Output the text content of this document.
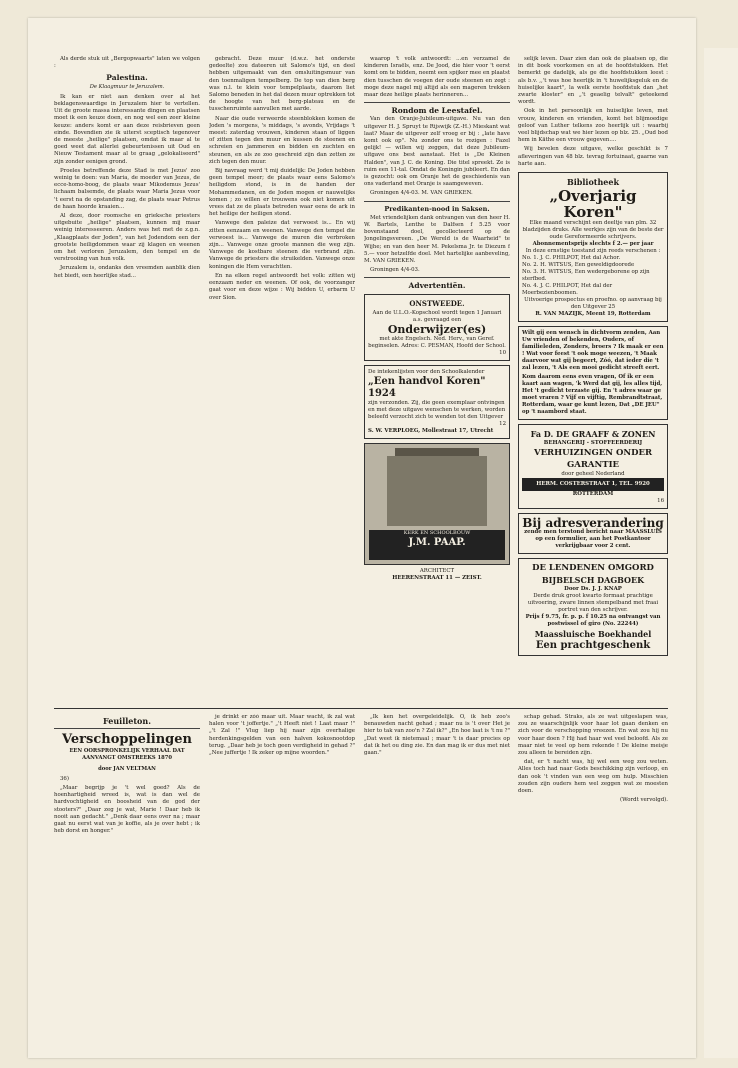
Als derde stuk uit „Bergopwaarts" laten we volgen :

Palestina.
De Klaagmuur te Jeruzalem.

Ik kan er niet aan denken over al het beklagenswaardige in Jeruzalem hier te vertellen. Uit de groote massa interessante dingen en plaatsen moet ik een keuze doen, en nog wel een zeer kleine keuze: anders komt er aan deze reisbrieven geen einde. Bovendien zie ik uiterst sceptisch tegenover de meeste „heilige" plaatsen, omdat ik maar al te goed weet dat allerlei gebeurtenissen uit Oud en Nieuw Testament maar al te graag „gelokaliseerd" zijn zonder eenigen grond.

Proeles betreffende deze Stad is met Jezus' zoo weinig te doen: van Maria, de moeder van Jezus, de ecce-homo-boog, de plaats waar Mikodemus Jezus' lichaam balsemde, de plaats waar Maria Jezus voor 't eerst na de opstanding zag, de plaats waar Petrus de haan hoorde kraaien...

Al deze, door roomsche en grieksche priesters uitgebuite „heilige" plaatsen, kunnen mij maar weinig interesseeren. Anders was het met de z.g.n. „Klaagplaats der Joden", van het Jodendom een der grootste heiligdommen waar zij klagen en weenen om het verloren Jeruzalem, den tempel en de verstrooiing van hun volk.

Jeruzalem is, ondanks den vreemden aanblik dien het biedt, een heerlijke stad...

gebracht. Deze muur (d.w.z. het onderste gedeelte) zou dateeren uit Salomo's tijd, en deel hebben uitgemaakt van den omsluitingsmuur van den toenmaligen tempelberg. De top van dien berg was n.l. te klein voor tempelplaats, daarom liet Salomo beneden in het dal dezen muur optrekken tot de hoogte van het berg-plateau en de tusschenruimte aanvullen met aarde.

Naar die oude verweerde steenblokken komen de Joden 's morgens, 's middags, 's avonds, Vrijdags 't meest: zaterdag vrouwen, kinderen staan of liggen of zitten tegen den muur en kussen de steenen en schreien en jammeren en bidden en zuchten en steunen, en als ze zoo geschreid zijn dan zetten ze zich tegen den muur.

Bij navraag werd 't mij duidelijk: De Joden hebben geen tempel meer; de plaats waar eens Salomo's heiligdom stond, is in de handen der Mohammedanen, en de Joden mogen er nauwelijks komen ; zo willen er trouwens ook niet komen uit vrees dat ze de plaats betreden waar eens de ark in het heilige der heiligen stond.

Vanwege den paleize dat verwoest is... En wij zitten eenzaam en weenen. Vanwege den tempel die verwoest is... Vanwege de muren die verbroken zijn... Vanwege onze groote mannen die weg zijn. Vanwege de kostbare steenen die verbrand zijn. Vanwege de priesters die struikelden. Vanwege onze koningen die Hem verachtten.

En na elken regel antwoordt het volk: zitten wij eenzaam neder en weenen. Of ook, de voorzanger gaat voor en deze wijze : Wij bidden U, erbarm U over Sion.

waarop 't volk antwoordt: ...en verzamel de kinderen Israëls, enz. De Jood, die hier voor 't eerst komt om te bidden, neemt een spijker mee en plaatst dien tusschen de voegen der oude steenen en zegt : moge deze nagel mij altijd als een mageren trekken maar deze heilige plaats herinneren...

Rondom de Leestafel.

Van den Oranje-Jubileum-uitgave. Nu van den uitgever H. J. Spruyt te Rijswijk (Z.-H.) Mieskant wat laat? Maar de uitgever zelf vroeg er bij : „late have komt ook op". Nu zonder ons te rozigen : Fazel gelijk! — willen wij zeggen, dat deze Jubileum-uitgave ons best aanstaat. Het is „De Kleinen Halden", van J. C. de Koning. Die titel spreekt. Ze is ruim een 11-tal. Omdat de Koningin jubileert. En dan is gezocht: ook om Oranje het de geschiedenis van ons vaderland met Oranje is saamgeweven.

Groningen 4/4-03. M. VAN GRIEKEN.

Predikanten-nood in Saksen.

Met vriendelijken dank ontvangen van den heer H. W. Bartels, Lenthe te Dalfsen f 5.25 voor bovenstaand doel, gecollecteerd op de Jongelingsvereen. „De Wereld is de Waarheid" te Wijhe; en van den heer M. Pekelsma Jr. te Diezum f 5.— voor hetzelfde doel. Met hartelijke aanbeveling, M. VAN GRIEKEN.

Groningen 4/4-03.

Advertentiën.
ONSTWEEDE.
Aan de U.L.O.-Kopschool wordt tegen 1 Januari a.s. gevraagd een
Onderwijzer(es)
met akte Engelsch. Ned. Herv., van Geref. beginselen. Adres: C. PESMAN, Hoofd der School.
10
De intekenlijsten voor den Schoolkalender
„Een handvol Koren" 1924
zijn verzonden. Zij, die geen exemplaar ontvingen en met deze uitgave wenschen te werken, worden beleefd verzocht zich te wenden tot den Uitgever
12
S. W. VERPLOEG, Mollestraat 17, Utrecht
KERK EN SCHOOLBOUW
J.M. PAAP.
ARCHITECT
HEERENSTRAAT 11 — ZEIST.

selijk leven. Daar zien dan ook de plaatsen op, die in dit boek voorkomen en at de hoofdstukken. Het bemerkt ge dadelijk, als ge die hoofdstukken leest : als b.v. ,,'t was hoe heerlijk in 't huwelijksgeluk en de huiselijke kaart", la welk eerste hoofdstuk dan „het zwarte kloster" en „'t geaelig telvalt" geteekend wordt.

Ook in het persoonlijk en huiselijke leven, met vrouw, kinderen en vrienden, komt het blijmoedige geloof van Luther telkens zoo heerlijk uit : waarbij veel blijdschap wat we hier lezen op blz. 25. „Oud bod hem in Käthe een vrouw gegeven....

Wij bevelen deze uitgave, welke geschikt is 7 afleveringen van 48 blz. tevrag fortuinaat, gaarne van harte aan.

Bibliotheek
„Overjarig Koren"
Elke maand verschijnt een deeltje van plm. 32 bladzijden druks. Alle werkjes zijn van de beste der oude Gereformeerde schrijvers.
Abonnementsprijs slechts f 2.— per jaar
In deze ernstige toestand zijn reeds verschenen :
No. 1. J. C. PHILPOT, Het dal Achor.
No. 2. H. WITSUS, Een geweldigdoorede
No. 3. H. WITSUS, Een wedergeborene op zijn sterfbed.
No. 4. J. C. PHILPOT, Het dal der Moerbezienboomen.
Uitvoerige prospectus en proefno. op aanvraag bij den Uitgever 25
R. VAN MAZIJK, Meent 19, Rotterdam
Wilt gij een wensch in dichtvorm zenden, Aan Uw vrienden of bekenden, Ouders, of familieleden, Zonders, broers ? Ik maak er een ! Wat voor feest 't ook moge weezen, 't Maak daarvoor wat gij begeert, Zóó, dat ieder die 't zal lezen, 't Als een mooi gedicht streeft eert.
Kom daarom eens even vragen, Of ik er een kaart aan wagen, 'k Werd dat gij, les alles tijd, Het 't gedicht terzaste gij. En 't adres waar ge moet vraren ? Vijf en vijftig, Rembrandtstraat, Rotterdam, waar ge kunt lezen, Dat „DE JEU" op 't naambord staat.
Fa D. DE GRAAFF & ZONEN
BEHANGERIJ - STOFFEERDERIJ
VERHUIZINGEN ONDER GARANTIE
door geheel Nederland
HERM. COSTERSTRAAT 1, TEL. 9920
ROTTERDAM
16
Bij adresverandering
zende men terstond bericht naar MAASSLUIS op een formulier, aan het Postkantoor verkrijgbaar voor 2 cent.
DE LENDENEN OMGORD
BIJBELSCH DAGBOEK
Door Ds. J. J. KNAP
Derde druk groot kwarto formaat prachtige uitvoering, zware linnen stempelband met fraai portret van den schrijver.
Prijs f 9.75, fr. p. p. f 10.25 na ontvangst van postwissel of giro (No. 22244)
Maassluische Boekhandel
Een prachtgeschenk
Feuilleton.
Verschoppelingen
EEN OORSPRONKELIJK VERHAAL DAT AANVANGT OMSTREEKS 1870
door JAN VELTMAN

36)

„Maar begrijp je 't wel goed? Als de hoenhartigheid wreed is, wat is dan wel de hardvochtigheid en boosheid van de god der stooters?" „Daar zeg je wat, Marie ! Daar heb ik nooit aan gedacht." „Denk daar eens over na ; maar gaat nu eerst wat van je koffie, als je over hebt ; ik heb dorst en honger."

je drinkt er zóó maar uit. Maar wacht, ik zal wat halen voor 't joffertje." „'t Heeft niet ! Laat maar !" „'t Zal !" Vlug liep hij naar zijn overhalige herdenkingsgelden van een halven kokosnootdop terug. „Daar heb je toch geen verdigheid in gehad ?" „Nee juffertje ! Ik zeker op mijne woorden."

„Ik ken het overgeleidelijk. O, ik heb zoo's benauwden nacht gehad ; maar nu is 't over Het je hier to tak van zoo'n ? Zal ik?" „En hoe laat is 't nu ?" „Dat weet ik nietemaal ; maar 't is daar precies op dat ik het ou ding zie. En dan mag ik er dus met niet gaan."

schap gehad. Straks, als ze wat uitgeslapen was, zou ze waarschijnlijk voor haar lot gaan denken en zich voor de verschopping vreezen. En wat zou hij nu voor haar doen ? Hij had haar wel veel beloofd. Als ze maar niet te veel op hem rekende ! De kleine meisje zou alleen te bereiden zijn.

dat, er 't nacht was, hij wel een weg zou weten. Alles toch had naar Gods beschikking zijn verloop, en dan ook 't vinden van een weg om hulp. Misschien zouden zijn ouders hem wel zeggen wat ze moesten doen.

(Wordt vervolgd).
